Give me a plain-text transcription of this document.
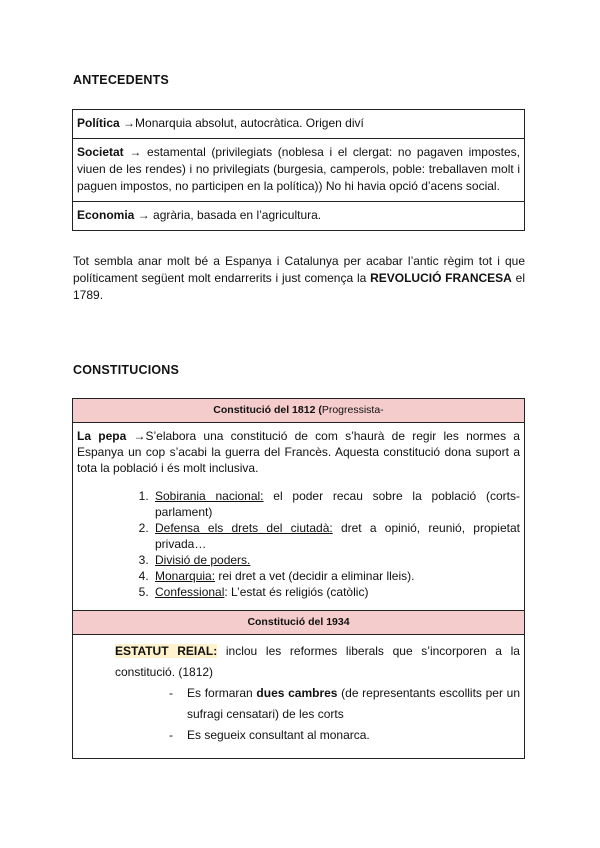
ANTECEDENTS
Política →Monarquia absolut, autocràtica. Origen diví
Societat → estamental (privilegiats (noblesa i el clergat: no pagaven impostes, viuen de les rendes) i no privilegiats (burgesia, camperols, poble: treballaven molt i paguen impostos, no participen en la política)) No hi havia opció d’acens social.
Economia → agrària, basada en l’agricultura.
Tot sembla anar molt bé a Espanya i Catalunya per acabar l’antic règim tot i que políticament següent molt endarrerits i just comença la REVOLUCIÓ FRANCESA el 1789.
CONSTITUCIONS
Constitució del 1812 (Progressista-

La pepa →S’elabora una constitució de com s’haurà de regir les normes a Espanya un cop s’acabi la guerra del Francès. Aquesta constitució dona suport a tota la població i és molt inclusiva.
1. Sobirania nacional: el poder recau sobre la població (corts-parlament)
2. Defensa els drets del ciutadà: dret a opinió, reunió, propietat privada…
3. Divisió de poders.
4. Monarquia: rei dret a vet (decidir a eliminar lleis).
5. Confessional: L’estat és religiós (catòlic)

Constitució del 1934

ESTATUT REIAL: inclou les reformes liberals que s’incorporen a la constitució. (1812)
- Es formaran dues cambres (de representants escollits per un sufragi censatari) de les corts
- Es segueix consultant al monarca.
